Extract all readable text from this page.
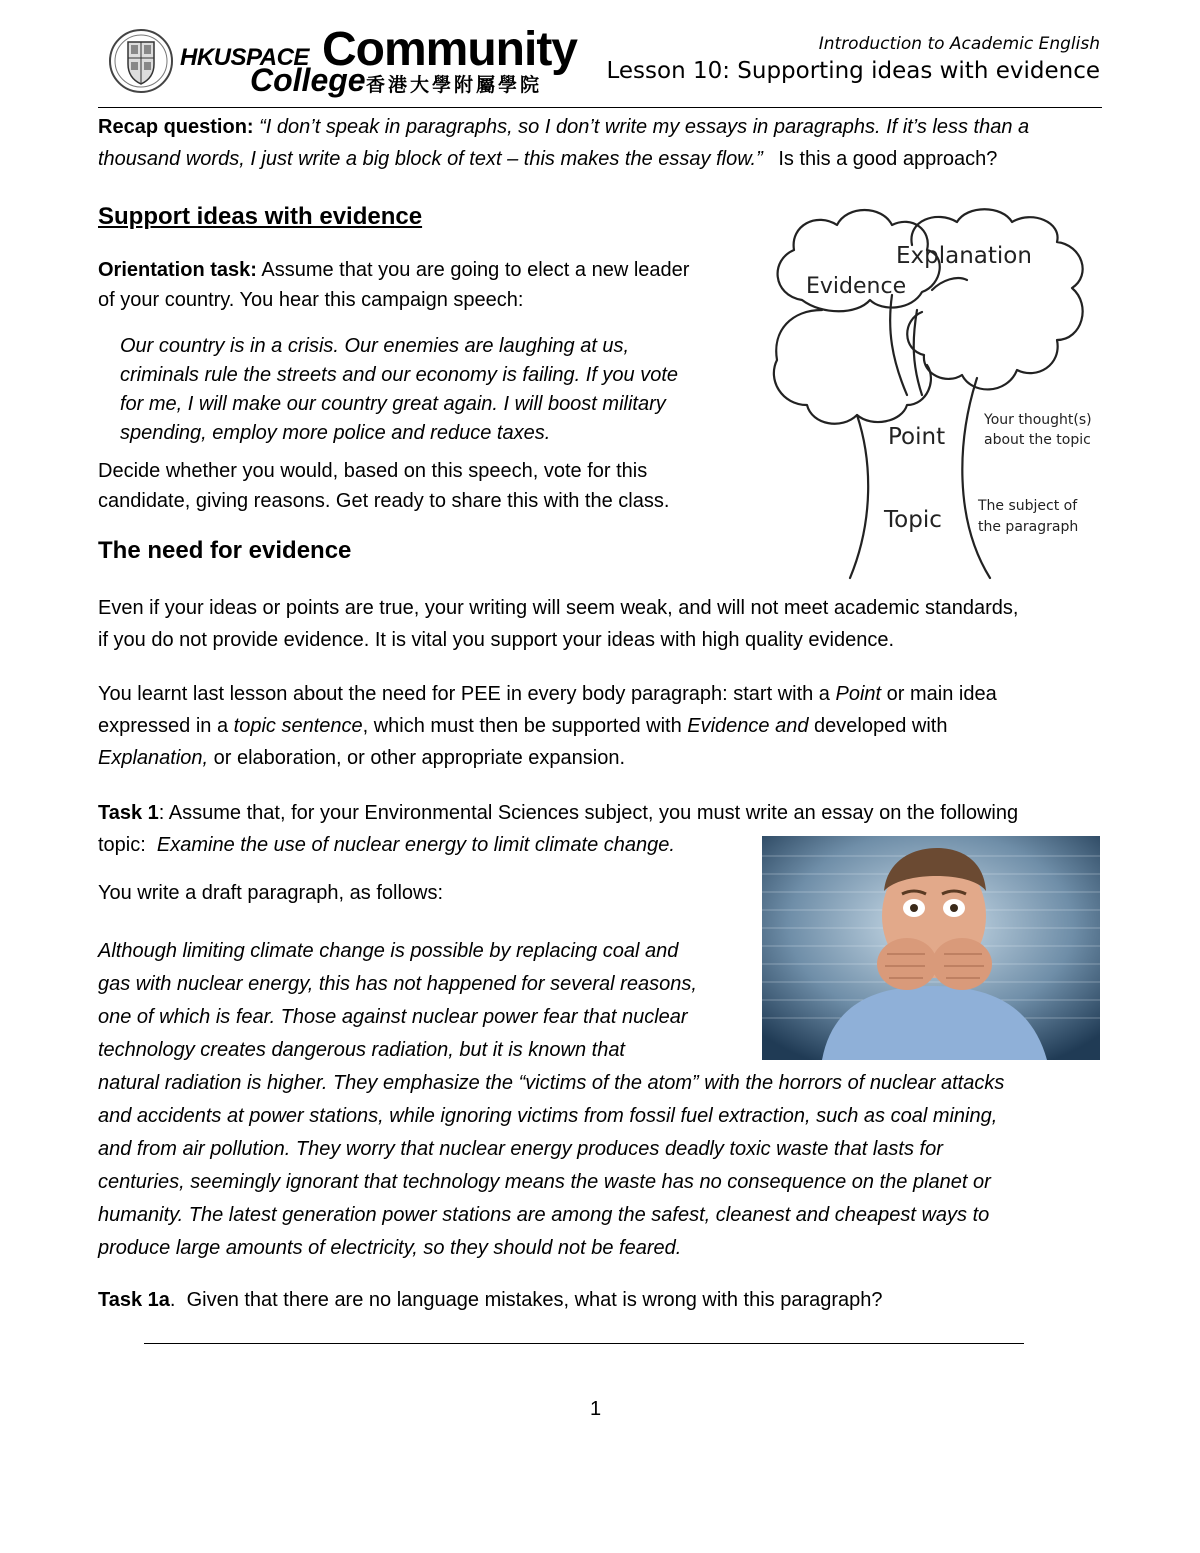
HKUSPACE Community
College 香港大學附屬學院
Introduction to Academic English
Lesson 10: Supporting ideas with evidence
Recap question: “I don’t speak in paragraphs, so I don’t write my essays in paragraphs. If it’s less than a
thousand words, I just write a big block of text – this makes the essay flow.” Is this a good approach?
Support ideas with evidence
Orientation task: Assume that you are going to elect a new leader
of your country. You hear this campaign speech:
Our country is in a crisis. Our enemies are laughing at us,
criminals rule the streets and our economy is failing. If you vote
for me, I will make our country great again. I will boost military
spending, employ more police and reduce taxes.
Decide whether you would, based on this speech, vote for this
candidate, giving reasons. Get ready to share this with the class.
Explanation
Evidence
Point
Topic
Your thought(s)
about the topic
The subject of
the paragraph
The need for evidence
Even if your ideas or points are true, your writing will seem weak, and will not meet academic standards,
if you do not provide evidence. It is vital you support your ideas with high quality evidence.
You learnt last lesson about the need for PEE in every body paragraph: start with a Point or main idea
expressed in a topic sentence, which must then be supported with Evidence and developed with
Explanation, or elaboration, or other appropriate expansion.
Task 1: Assume that, for your Environmental Sciences subject, you must write an essay on the following
topic:  Examine the use of nuclear energy to limit climate change.
You write a draft paragraph, as follows:
Although limiting climate change is possible by replacing coal and
gas with nuclear energy, this has not happened for several reasons,
one of which is fear. Those against nuclear power fear that nuclear
technology creates dangerous radiation, but it is known that
natural radiation is higher. They emphasize the “victims of the atom” with the horrors of nuclear attacks
and accidents at power stations, while ignoring victims from fossil fuel extraction, such as coal mining,
and from air pollution. They worry that nuclear energy produces deadly toxic waste that lasts for
centuries, seemingly ignorant that technology means the waste has no consequence on the planet or
humanity. The latest generation power stations are among the safest, cleanest and cheapest ways to
produce large amounts of electricity, so they should not be feared.
Task 1a.  Given that there are no language mistakes, what is wrong with this paragraph?
1
